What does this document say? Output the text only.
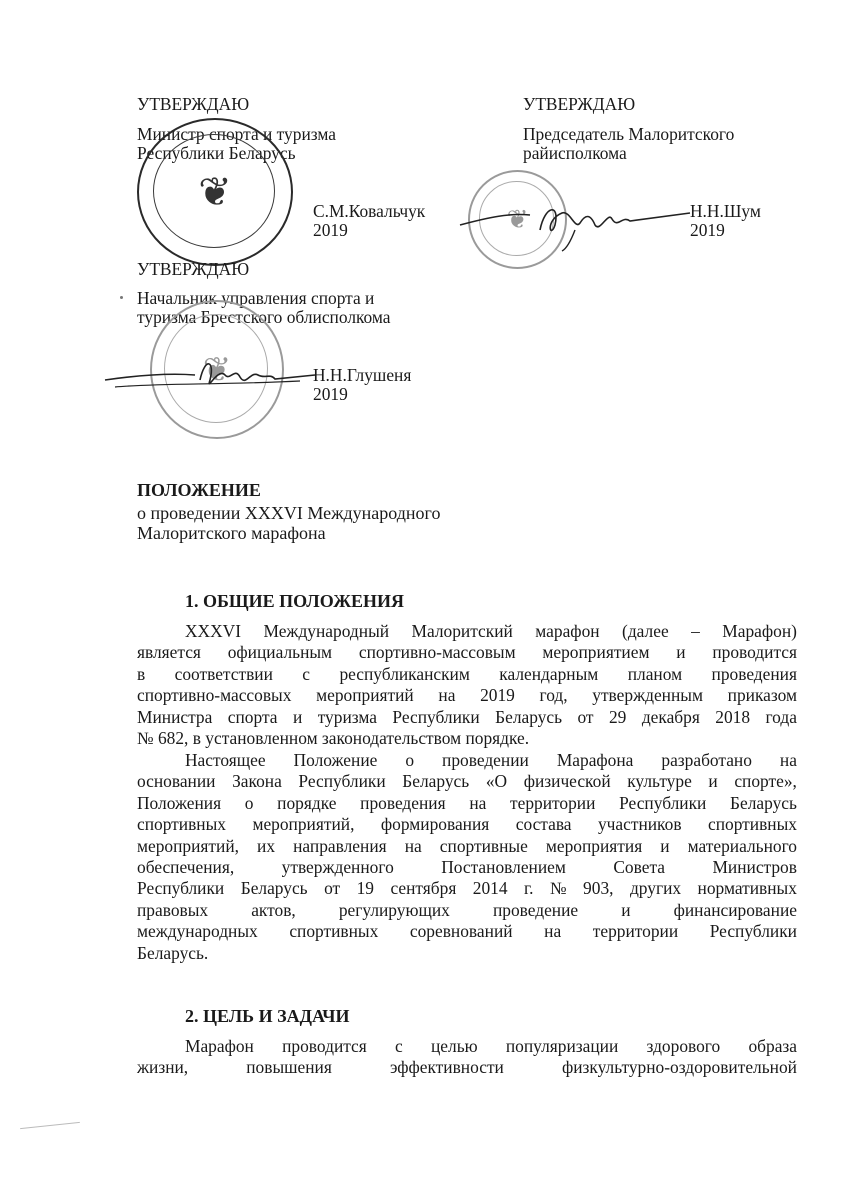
УТВЕРЖДАЮ
Министр спорта и туризма
Республики Беларусь
С.М.Ковальчук
2019
❦
УТВЕРЖДАЮ
Председатель Малоритского
райисполкома
Н.Н.Шум
2019
❦
УТВЕРЖДАЮ
Начальник управления спорта и
туризма Брестского облисполкома
Н.Н.Глушеня
2019
❦
ПОЛОЖЕНИЕ
о проведении XXXVI Международного
Малоритского марафона
1. ОБЩИЕ ПОЛОЖЕНИЯ
XXXVI Международный Малоритский марафон (далее – Марафон)
является официальным спортивно-массовым мероприятием и проводится
в соответствии с республиканским календарным планом проведения
спортивно-массовых мероприятий на 2019 год, утвержденным приказом
Министра спорта и туризма Республики Беларусь от 29 декабря 2018 года
№ 682, в установленном законодательством порядке.
Настоящее Положение о проведении Марафона разработано на
основании Закона Республики Беларусь «О физической культуре и спорте»,
Положения о порядке проведения на территории Республики Беларусь
спортивных мероприятий, формирования состава участников спортивных
мероприятий, их направления на спортивные мероприятия и материального
обеспечения,	утвержденного	Постановлением	Совета	Министров
Республики Беларусь от 19 сентября 2014 г. № 903, других нормативных
правовых актов, регулирующих проведение и финансирование
международных спортивных соревнований на территории Республики
Беларусь.
2. ЦЕЛЬ И ЗАДАЧИ
Марафон проводится с целью популяризации здорового образа
жизни,	повышения	эффективности	физкультурно-оздоровительной
